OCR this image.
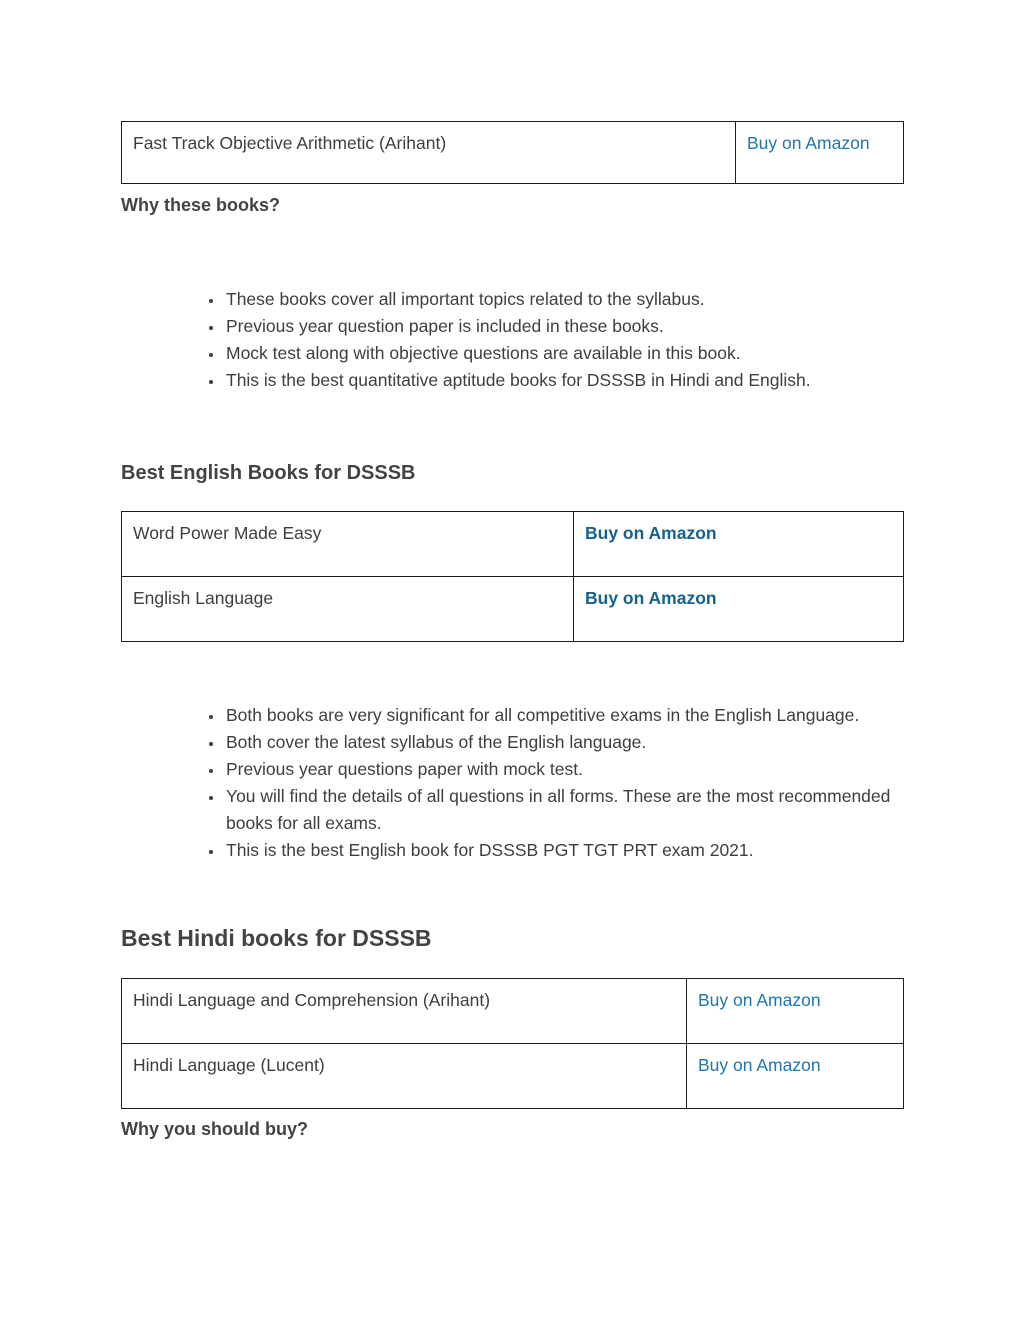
Fast Track Objective Arithmetic (Arihant)	Buy on Amazon
Why these books?
• These books cover all important topics related to the syllabus.
• Previous year question paper is included in these books.
• Mock test along with objective questions are available in this book.
• This is the best quantitative aptitude books for DSSSB in Hindi and English.
Best English Books for DSSSB
Word Power Made Easy	Buy on Amazon
English Language	Buy on Amazon
• Both books are very significant for all competitive exams in the English Language.
• Both cover the latest syllabus of the English language.
• Previous year questions paper with mock test.
• You will find the details of all questions in all forms. These are the most recommended books for all exams.
• This is the best English book for DSSSB PGT TGT PRT exam 2021.
Best Hindi books for DSSSB
Hindi Language and Comprehension (Arihant)	Buy on Amazon
Hindi Language (Lucent)	Buy on Amazon
Why you should buy?
